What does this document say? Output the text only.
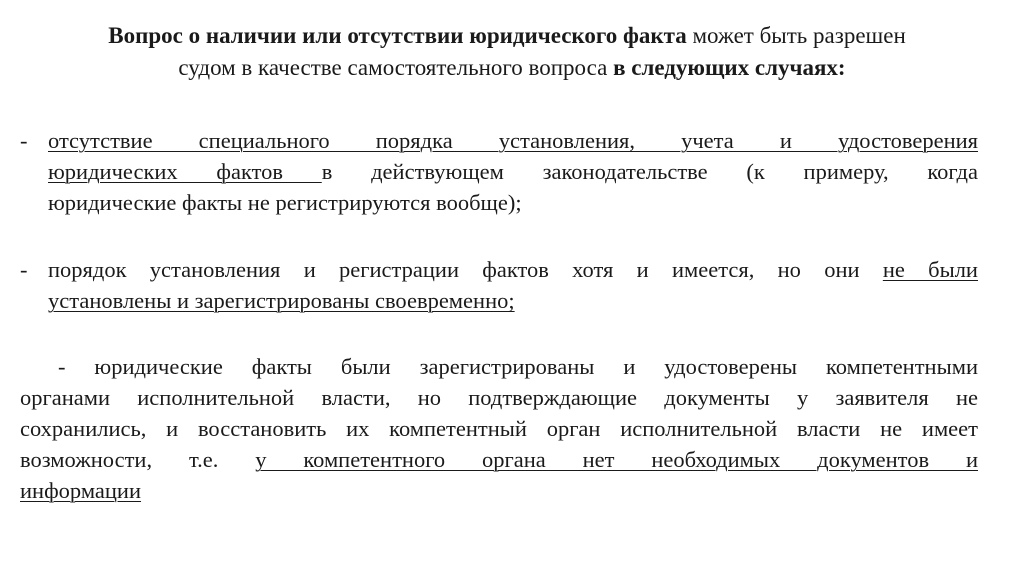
Вопрос о наличии или отсутствии юридического факта может быть разрешен
судом в качестве самостоятельного вопроса в следующих случаях:
- отсутствие специального порядка установления, учета и удостоверения
юридических фактов в действующем законодательстве (к примеру, когда
юридические факты не регистрируются вообще);
- порядок установления и регистрации фактов хотя и имеется, но они не были
установлены и зарегистрированы своевременно;
- юридические факты были зарегистрированы и удостоверены компетентными
органами исполнительной власти, но подтверждающие документы у заявителя не
сохранились, и восстановить их компетентный орган исполнительной власти не имеет
возможности, т.е. у компетентного органа нет необходимых документов и
информации
